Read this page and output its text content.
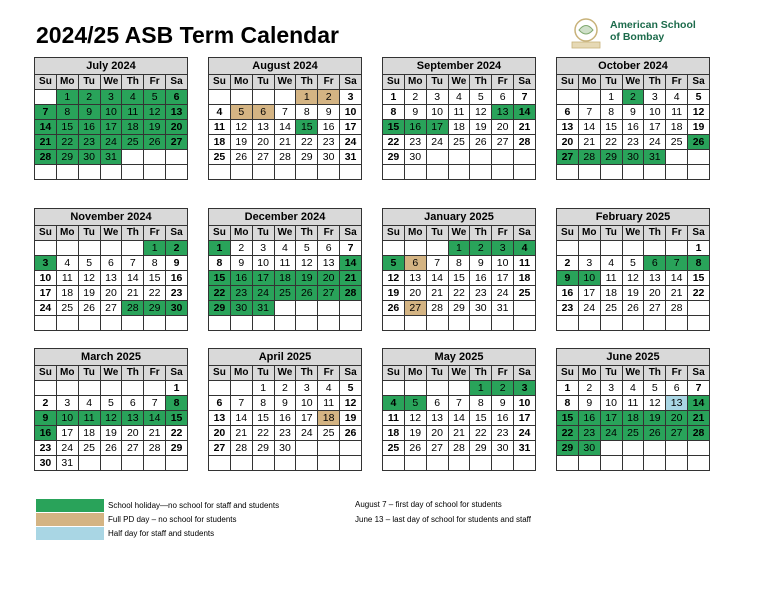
2024/25 ASB Term Calendar	American School
of Bombay
July 2024						
Su	Mo	Tu	We	Th	Fr	Sa
	1	2	3	4	5	6
7	8	9	10	11	12	13
14	15	16	17	18	19	20
21	22	23	24	25	26	27
28	29	30	31			

August 2024						
Su	Mo	Tu	We	Th	Fr	Sa
				1	2	3
4	5	6	7	8	9	10
11	12	13	14	15	16	17
18	19	20	21	22	23	24
25	26	27	28	29	30	31

September 2024						
Su	Mo	Tu	We	Th	Fr	Sa
1	2	3	4	5	6	7
8	9	10	11	12	13	14
15	16	17	18	19	20	21
22	23	24	25	26	27	28
29	30					

October 2024						
Su	Mo	Tu	We	Th	Fr	Sa
		1	2	3	4	5
6	7	8	9	10	11	12
13	14	15	16	17	18	19
20	21	22	23	24	25	26
27	28	29	30	31		

November 2024						
Su	Mo	Tu	We	Th	Fr	Sa
					1	2
3	4	5	6	7	8	9
10	11	12	13	14	15	16
17	18	19	20	21	22	23
24	25	26	27	28	29	30

December 2024						
Su	Mo	Tu	We	Th	Fr	Sa
1	2	3	4	5	6	7
8	9	10	11	12	13	14
15	16	17	18	19	20	21
22	23	24	25	26	27	28
29	30	31				

January 2025						
Su	Mo	Tu	We	Th	Fr	Sa
			1	2	3	4
5	6	7	8	9	10	11
12	13	14	15	16	17	18
19	20	21	22	23	24	25
26	27	28	29	30	31	

February 2025						
Su	Mo	Tu	We	Th	Fr	Sa
						1
2	3	4	5	6	7	8
9	10	11	12	13	14	15
16	17	18	19	20	21	22
23	24	25	26	27	28	

March 2025						
Su	Mo	Tu	We	Th	Fr	Sa
						1
2	3	4	5	6	7	8
9	10	11	12	13	14	15
16	17	18	19	20	21	22
23	24	25	26	27	28	29
30	31					
April 2025						
Su	Mo	Tu	We	Th	Fr	Sa
		1	2	3	4	5
6	7	8	9	10	11	12
13	14	15	16	17	18	19
20	21	22	23	24	25	26
27	28	29	30			

May 2025						
Su	Mo	Tu	We	Th	Fr	Sa
				1	2	3
4	5	6	7	8	9	10
11	12	13	14	15	16	17
18	19	20	21	22	23	24
25	26	27	28	29	30	31

June 2025						
Su	Mo	Tu	We	Th	Fr	Sa
1	2	3	4	5	6	7
8	9	10	11	12	13	14
15	16	17	18	19	20	21
22	23	24	25	26	27	28
29	30					

School holiday—no school for staff and students
Full PD day – no school for students
Half day for staff and students
August 7 – first day of school for students
June 13 – last day of school for students and staff
